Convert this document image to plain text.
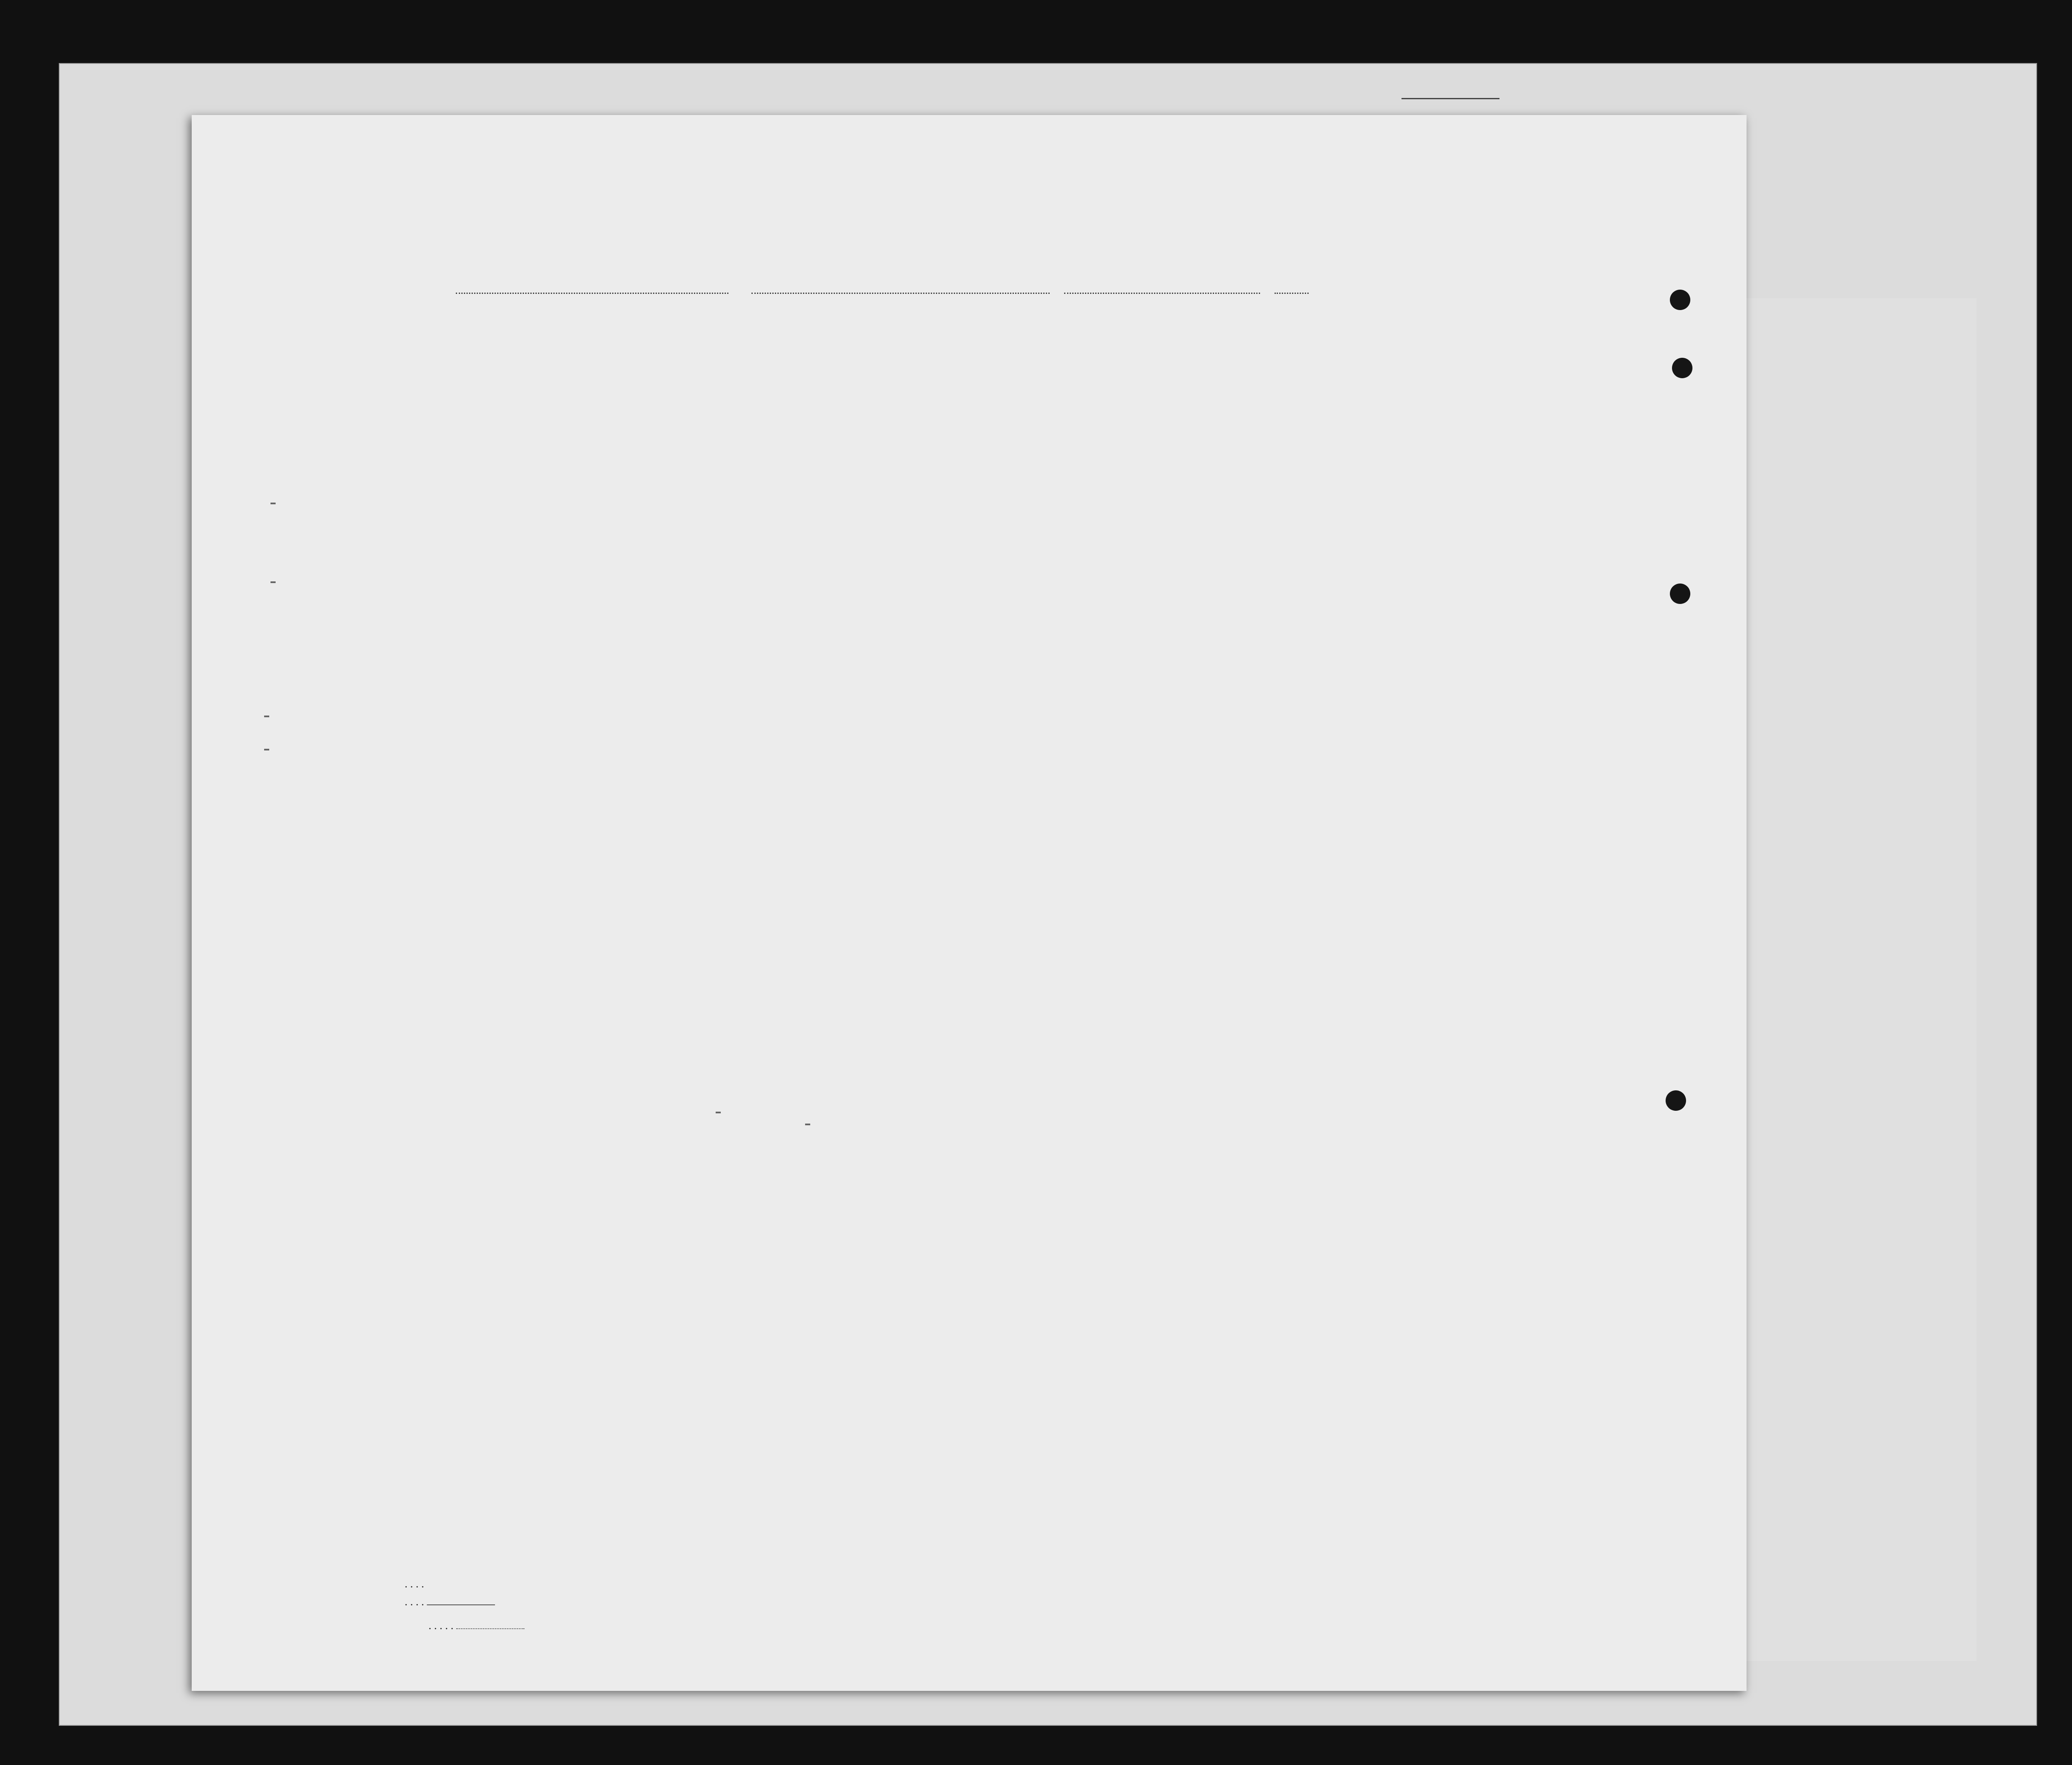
. . . .
. . . .
. . . . .
